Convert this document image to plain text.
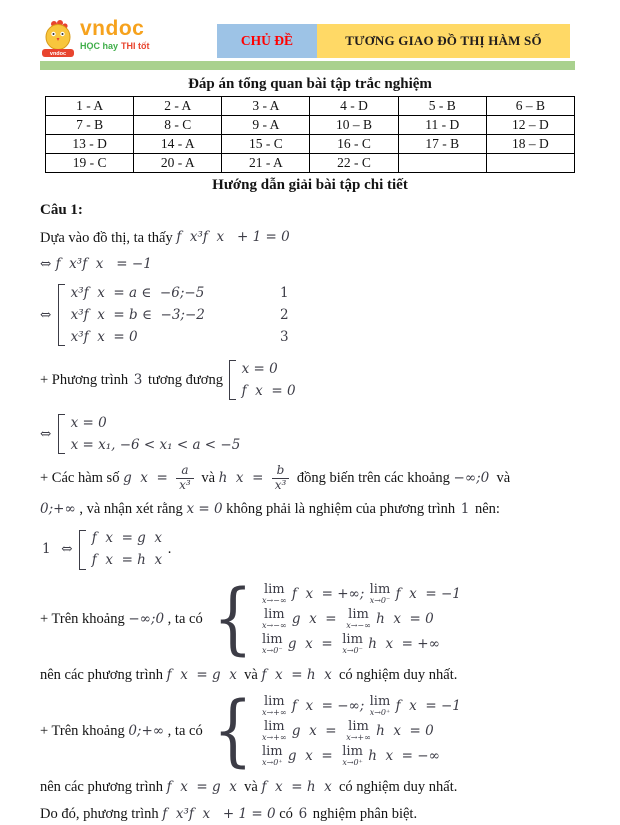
vndoc
vndoc
HỌC hay THI tốt	CHỦ ĐỀ	TƯƠNG GIAO ĐỒ THỊ HÀM SỐ
Đáp án tổng quan bài tập trắc nghiệm
1 - A	2 - A	3 - A	4 - D	5 - B	6 – B
7 - B	8 - C	9 - A	10 – B	11 - D	12 – D
13 - D	14 - A	15 - C	16 - C	17 - B	18 – D
19 - C	20 - A	21 - A	22 - C		
Hướng dẫn giải bài tập chi tiết
Câu 1:
Dựa vào đồ thị, ta thấy f  x³f  x   + 1 = 0
⇔ f  x³f  x   = −1
⇔
x³f  x  = a ∈  −6;−5	1
x³f  x  = b ∈  −3;−2	2
x³f  x  = 0	3
+ Phương trình 3 tương đương
x = 0
f  x  = 0
⇔
x = 0
x = x₁, −6 < x₁ < a < −5
+ Các hàm số g  $x = \frac{a}{\text{x³}}$ và h  $x = \frac{b}{\text{x³}}$ đồng biến trên các khoảng −∞;0 và
0;+∞ , và nhận xét rằng x = 0 không phải là nghiệm của phương trình 1 nên:
1 ⇔
f  x  = g  x
f  x  = h  x
.
+ Trên khoảng −∞;0 , ta có { lim
x→−∞ f  x  = +∞; lim
x→0⁻ f  x  = −1
lim
x→−∞ g  x  = lim
x→−∞ h  x  = 0
lim
x→0⁻ g  x  = lim
x→0⁻ h  x  = +∞
nên các phương trình f  x  = g  x và f  x  = h  x có nghiệm duy nhất.
+ Trên khoảng 0;+∞ , ta có { lim
x→+∞ f  x  = −∞; lim
x→0⁺ f  x  = −1
lim
x→+∞ g  x  = lim
x→+∞ h  x  = 0
lim
x→0⁺ g  x  = lim
x→0⁺ h  x  = −∞
nên các phương trình f  x  = g  x và f  x  = h  x có nghiệm duy nhất.
Do đó, phương trình f  x³f  x   + 1 = 0 có 6 nghiệm phân biệt.
